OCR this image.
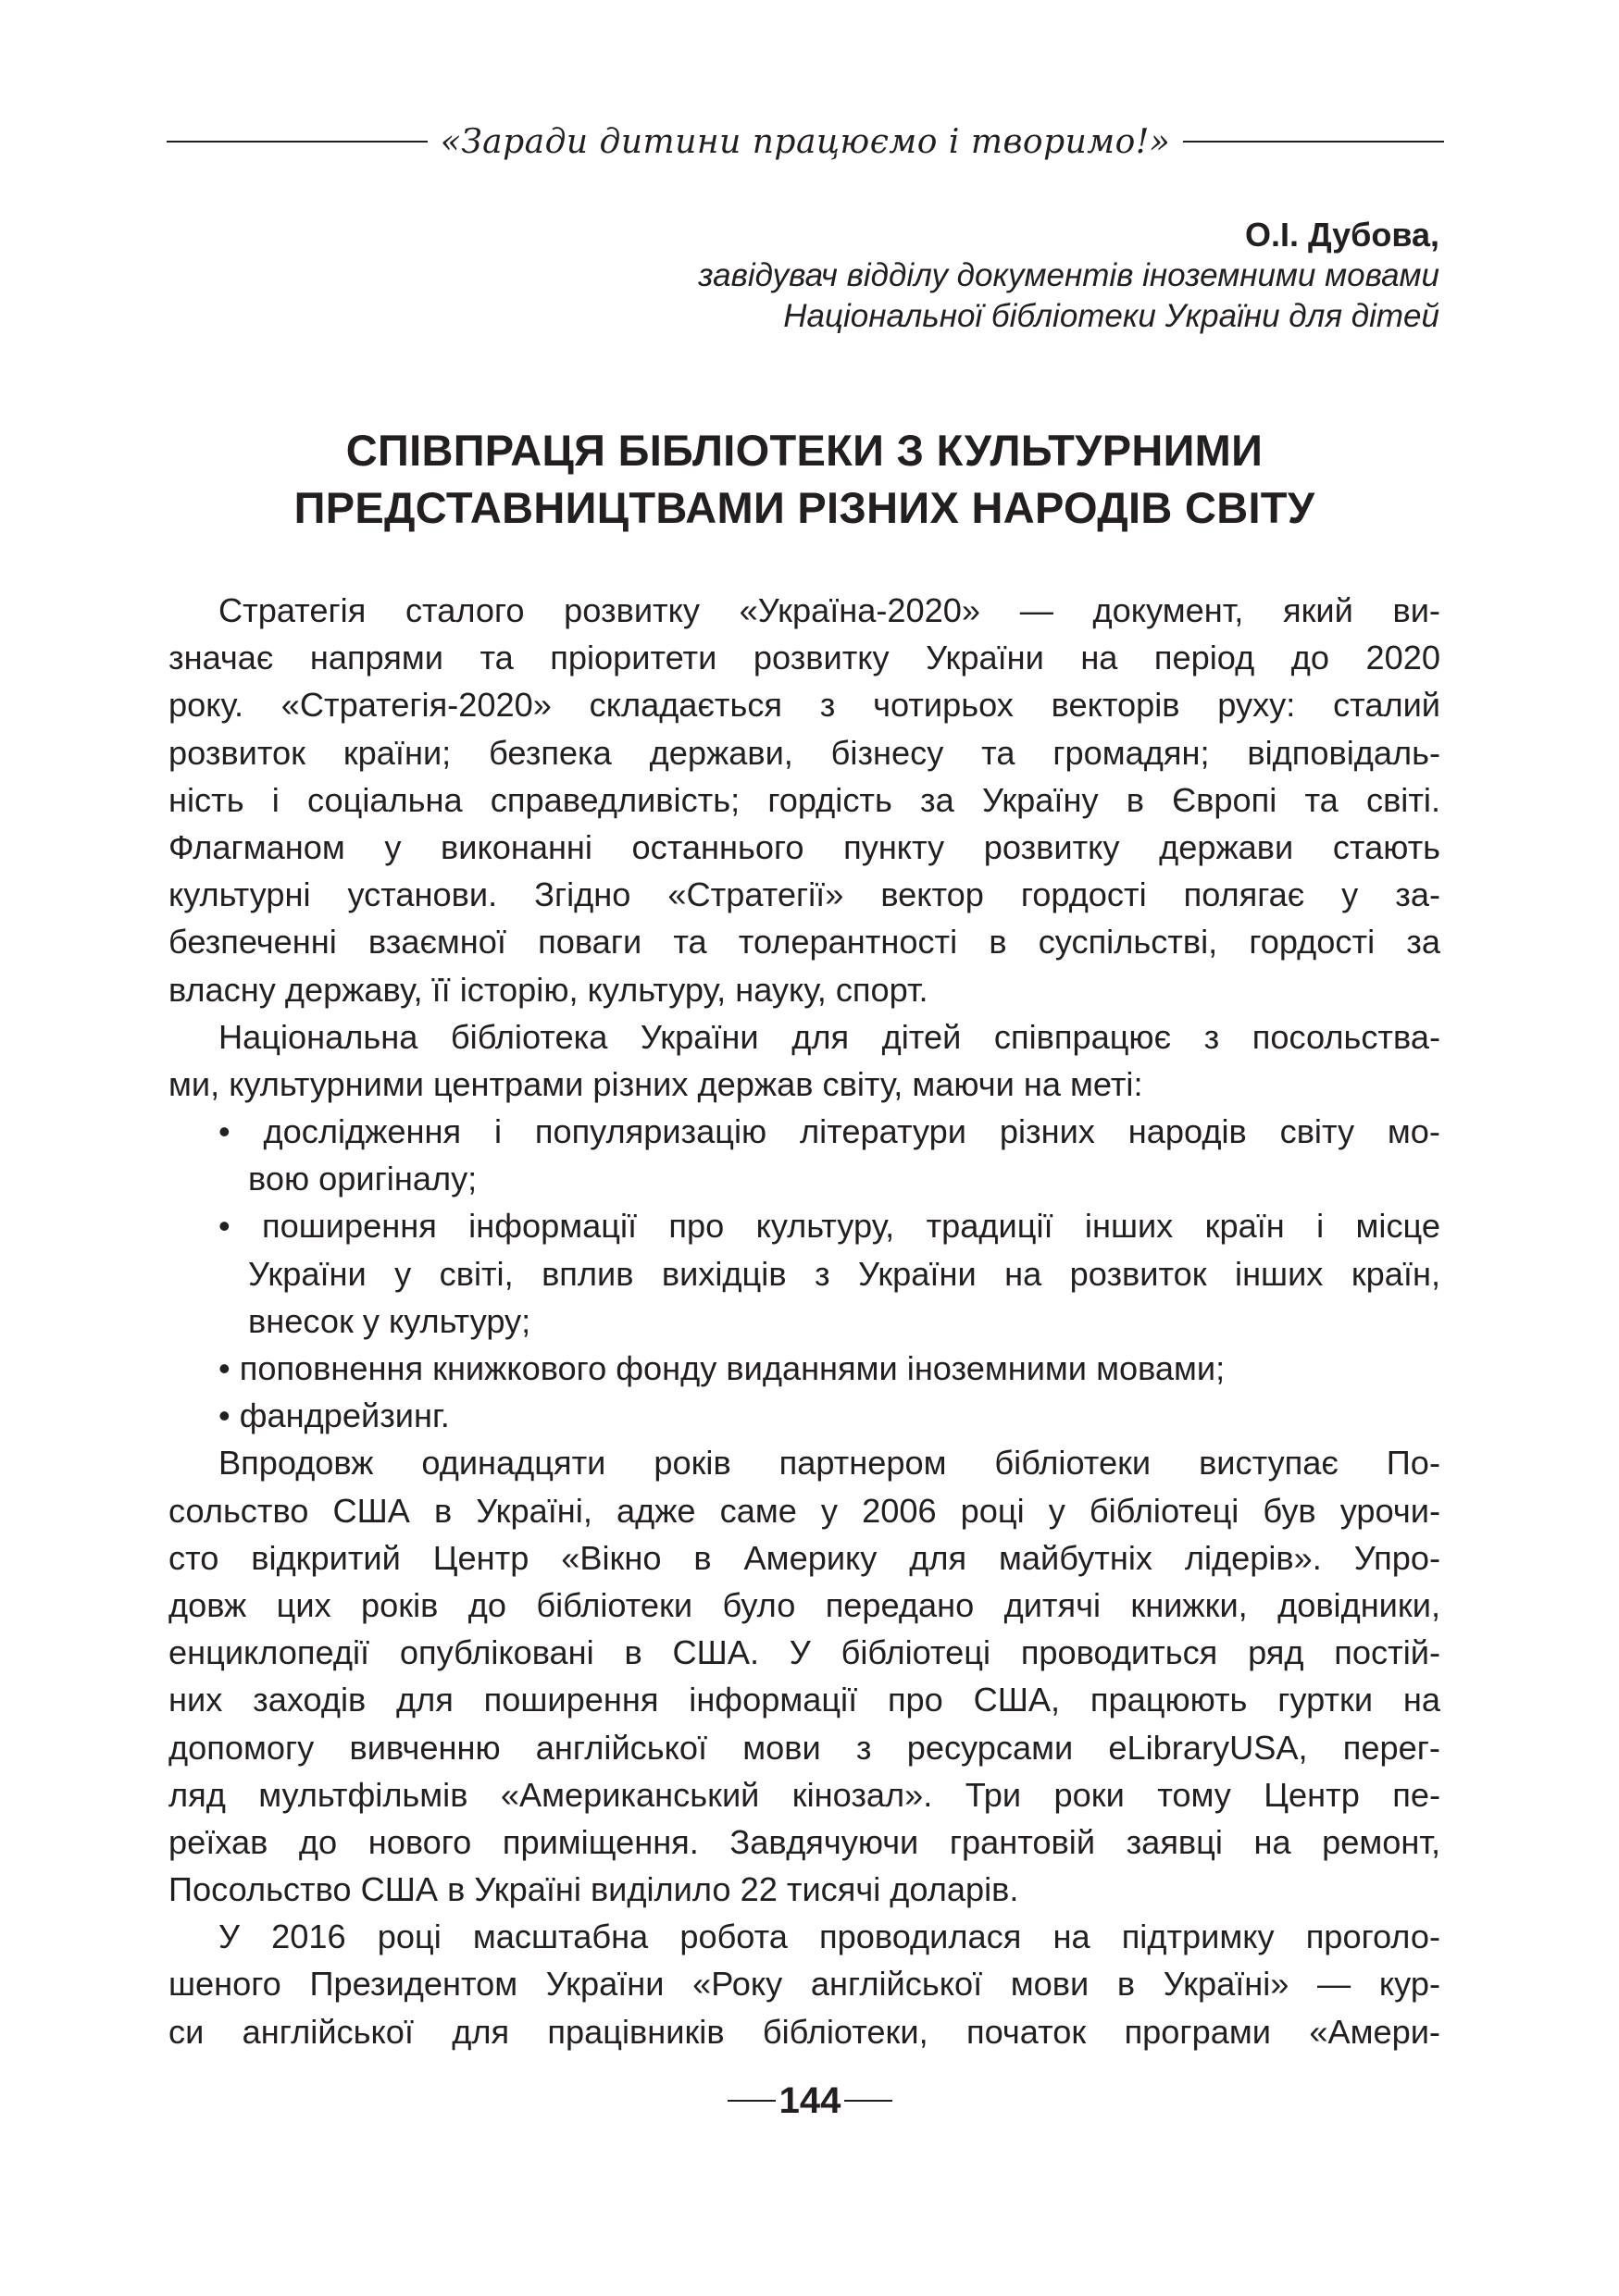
«Заради дитини працюємо і творимо!»
О.І. Дубова,
завідувач відділу документів іноземними мовами
Національної бібліотеки України для дітей
СПІВПРАЦЯ БІБЛІОТЕКИ З КУЛЬТУРНИМИ
ПРЕДСТАВНИЦТВАМИ РІЗНИХ НАРОДІВ СВІТУ
Стратегія сталого розвитку «Україна-2020» — документ, який ви-
значає напрями та пріоритети розвитку України на період до 2020
року. «Стратегія-2020» складається з чотирьох векторів руху: сталий
розвиток країни; безпека держави, бізнесу та громадян; відповідаль-
ність і соціальна справедливість; гордість за Україну в Європі та світі.
Флагманом у виконанні останнього пункту розвитку держави стають
культурні установи. Згідно «Стратегії» вектор гордості полягає у за-
безпеченні взаємної поваги та толерантності в суспільстві, гордості за
власну державу, її історію, культуру, науку, спорт.
Національна бібліотека України для дітей співпрацює з посольства-
ми, культурними центрами різних держав світу, маючи на меті:
• дослідження і популяризацію літератури різних народів світу мо-
вою оригіналу;
• поширення інформації про культуру, традиції інших країн і місце
України у світі, вплив вихідців з України на розвиток інших країн,
внесок у культуру;
• поповнення книжкового фонду виданнями іноземними мовами;
• фандрейзинг.
Впродовж одинадцяти років партнером бібліотеки виступає По-
сольство США в Україні, адже саме у 2006 році у бібліотеці був урочи-
сто відкритий Центр «Вікно в Америку для майбутніх лідерів». Упро-
довж цих років до бібліотеки було передано дитячі книжки, довідники,
енциклопедії опубліковані в США. У бібліотеці проводиться ряд постій-
них заходів для поширення інформації про США, працюють гуртки на
допомогу вивченню англійської мови з ресурсами eLibraryUSA, перег-
ляд мультфільмів «Американський кінозал». Три роки тому Центр пе-
реїхав до нового приміщення. Завдячуючи грантовій заявці на ремонт,
Посольство США в Україні виділило 22 тисячі доларів.
У 2016 році масштабна робота проводилася на підтримку проголо-
шеного Президентом України «Року англійської мови в Україні» — кур-
си англійської для працівників бібліотеки, початок програми «Амери-
144
